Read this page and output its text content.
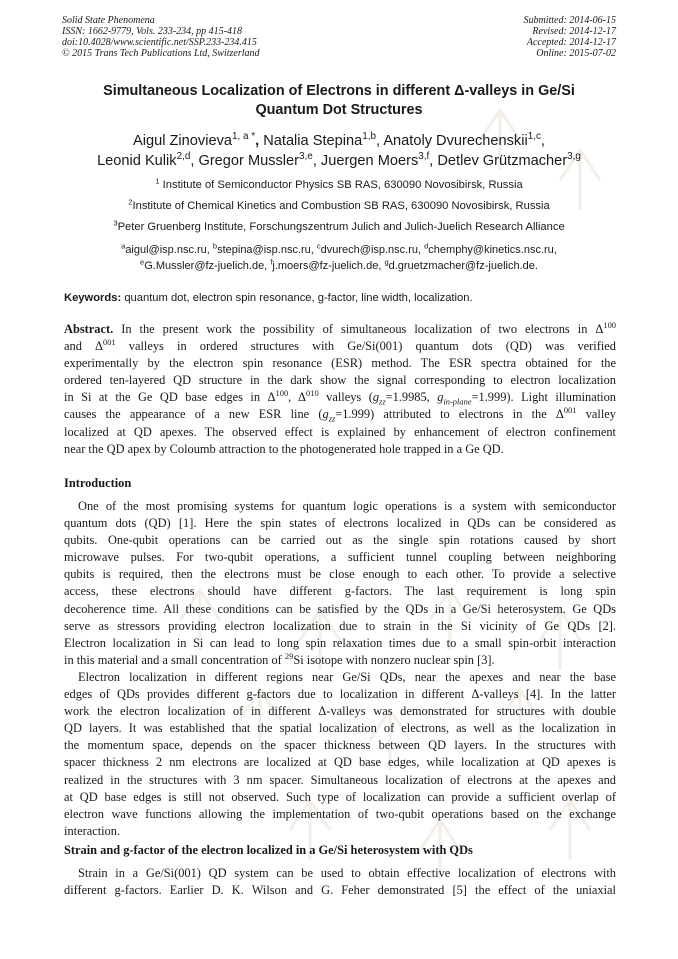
Solid State Phenomena
ISSN: 1662-9779, Vols. 233-234, pp 415-418
doi:10.4028/www.scientific.net/SSP.233-234.415
© 2015 Trans Tech Publications Ltd, Switzerland
Submitted: 2014-06-15
Revised: 2014-12-17
Accepted: 2014-12-17
Online: 2015-07-02
Simultaneous Localization of Electrons in different Δ-valleys in Ge/Si
Quantum Dot Structures
Aigul Zinovieva$^{1, a *}$, Natalia Stepina$^{1,b}$, Anatoly Dvurechenskii$^{1,c}$,
Leonid Kulik$^{2,d}$, Gregor Mussler$^{3,e}$, Juergen Moers$^{3,f}$, Detlev Grützmacher$^{3,g}$
$^1$ Institute of Semiconductor Physics SB RAS, 630090 Novosibirsk, Russia
$^2$Institute of Chemical Kinetics and Combustion SB RAS, 630090 Novosibirsk, Russia
$^3$Peter Gruenberg Institute, Forschungszentrum Julich and Julich-Juelich Research Alliance
$^a$aigul@isp.nsc.ru, $^b$stepina@isp.nsc.ru, $^c$dvurech@isp.nsc.ru, $^d$chemphy@kinetics.nsc.ru,
$^e$G.Mussler@fz-juelich.de, $^f$j.moers@fz-juelich.de, $^g$d.gruetzmacher@fz-juelich.de.
Keywords: quantum dot, electron spin resonance, g-factor, line width, localization.
Abstract. In the present work the possibility of simultaneous localization of two electrons in $\Delta^{100}$
and $\Delta^{001}$ valleys in ordered structures with Ge/Si(001) quantum dots (QD) was verified
experimentally by the electron spin resonance (ESR) method. The ESR spectra obtained for the
ordered ten-layered QD structure in the dark show the signal corresponding to electron localization
in Si at the Ge QD base edges in $\Delta^{100}$, $\Delta^{010}$ valleys ($g_{zz}=1.9985$, $g_{in-plane}=1.999$). Light illumination
causes the appearance of a new ESR line $(g_{zz}=1.999)$ attributed to electrons in the $\Delta^{001}$ valley
localized at QD apexes. The observed effect is explained by enhancement of electron confinement
near the QD apex by Coloumb attraction to the photogenerated hole trapped in a Ge QD.
Introduction
One of the most promising systems for quantum logic operations is a system with semiconductor
quantum dots (QD) [1]. Here the spin states of electrons localized in QDs can be considered as
qubits. One-qubit operations can be carried out as the single spin rotations caused by short
microwave pulses. For two-qubit operations, a sufficient tunnel coupling between neighboring
qubits is required, then the electrons must be close enough to each other. To provide a selective
access, these electrons should have different g-factors. The last requirement is long spin
decoherence time. All these conditions can be satisfied by the QDs in a Ge/Si heterosystem. Ge QDs
serve as stressors providing electron localization due to strain in the Si vicinity of Ge QDs [2].
Electron localization in Si can lead to long spin relaxation times due to a small spin-orbit interaction
in this material and a small concentration of $^{29}$Si isotope with nonzero nuclear spin [3].
Electron localization in different regions near Ge/Si QDs, near the apexes and near the base
edges of QDs provides different g-factors due to localization in different Δ-valleys [4]. In the latter
work the electron localization of in different Δ-valleys was demonstrated for structures with double
QD layers. It was established that the spatial localization of electrons, as well as the localization in
the momentum space, depends on the spacer thickness between QD layers. In the structures with
spacer thickness 2 nm electrons are localized at QD base edges, while localization at QD apexes is
realized in the structures with 3 nm spacer. Simultaneous localization of electrons at the apexes and
at QD base edges is still not observed. Such type of localization can provide a sufficient overlap of
electron wave functions allowing the implementation of two-qubit operations based on the exchange
interaction.
Strain and g-factor of the electron localized in a Ge/Si heterosystem with QDs
Strain in a Ge/Si(001) QD system can be used to obtain effective localization of electrons with
different g-factors. Earlier D. K. Wilson and G. Feher demonstrated [5] the effect of the uniaxial
